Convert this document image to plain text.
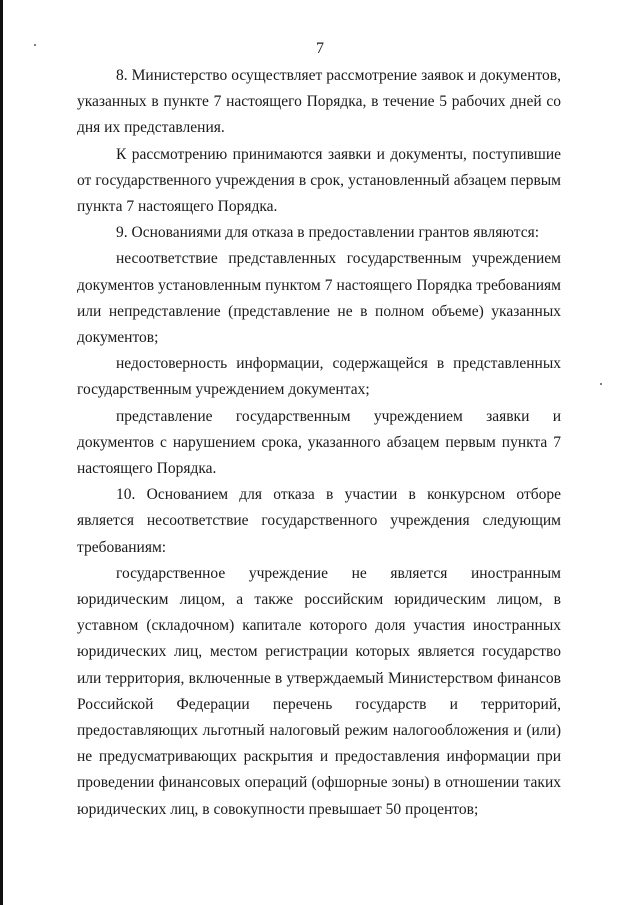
7

8. Министерство осуществляет рассмотрение заявок и документов, указанных в пункте 7 настоящего Порядка, в течение 5 рабочих дней со дня их представления.

К рассмотрению принимаются заявки и документы, поступившие от государственного учреждения в срок, установленный абзацем первым пункта 7 настоящего Порядка.

9. Основаниями для отказа в предоставлении грантов являются:

несоответствие представленных государственным учреждением документов установленным пунктом 7 настоящего Порядка требованиям или непредставление (представление не в полном объеме) указанных документов;

недостоверность информации, содержащейся в представленных государственным учреждением документах;

представление государственным учреждением заявки и документов с нарушением срока, указанного абзацем первым пункта 7 настоящего Порядка.

10. Основанием для отказа в участии в конкурсном отборе является несоответствие государственного учреждения следующим требованиям:

государственное учреждение не является иностранным юридическим лицом, а также российским юридическим лицом, в уставном (складочном) капитале которого доля участия иностранных юридических лиц, местом регистрации которых является государство или территория, включенные в утверждаемый Министерством финансов Российской Федерации перечень государств и территорий, предоставляющих льготный налоговый режим налогообложения и (или) не предусматривающих раскрытия и предоставления информации при проведении финансовых операций (офшорные зоны) в отношении таких юридических лиц, в совокупности превышает 50 процентов;
